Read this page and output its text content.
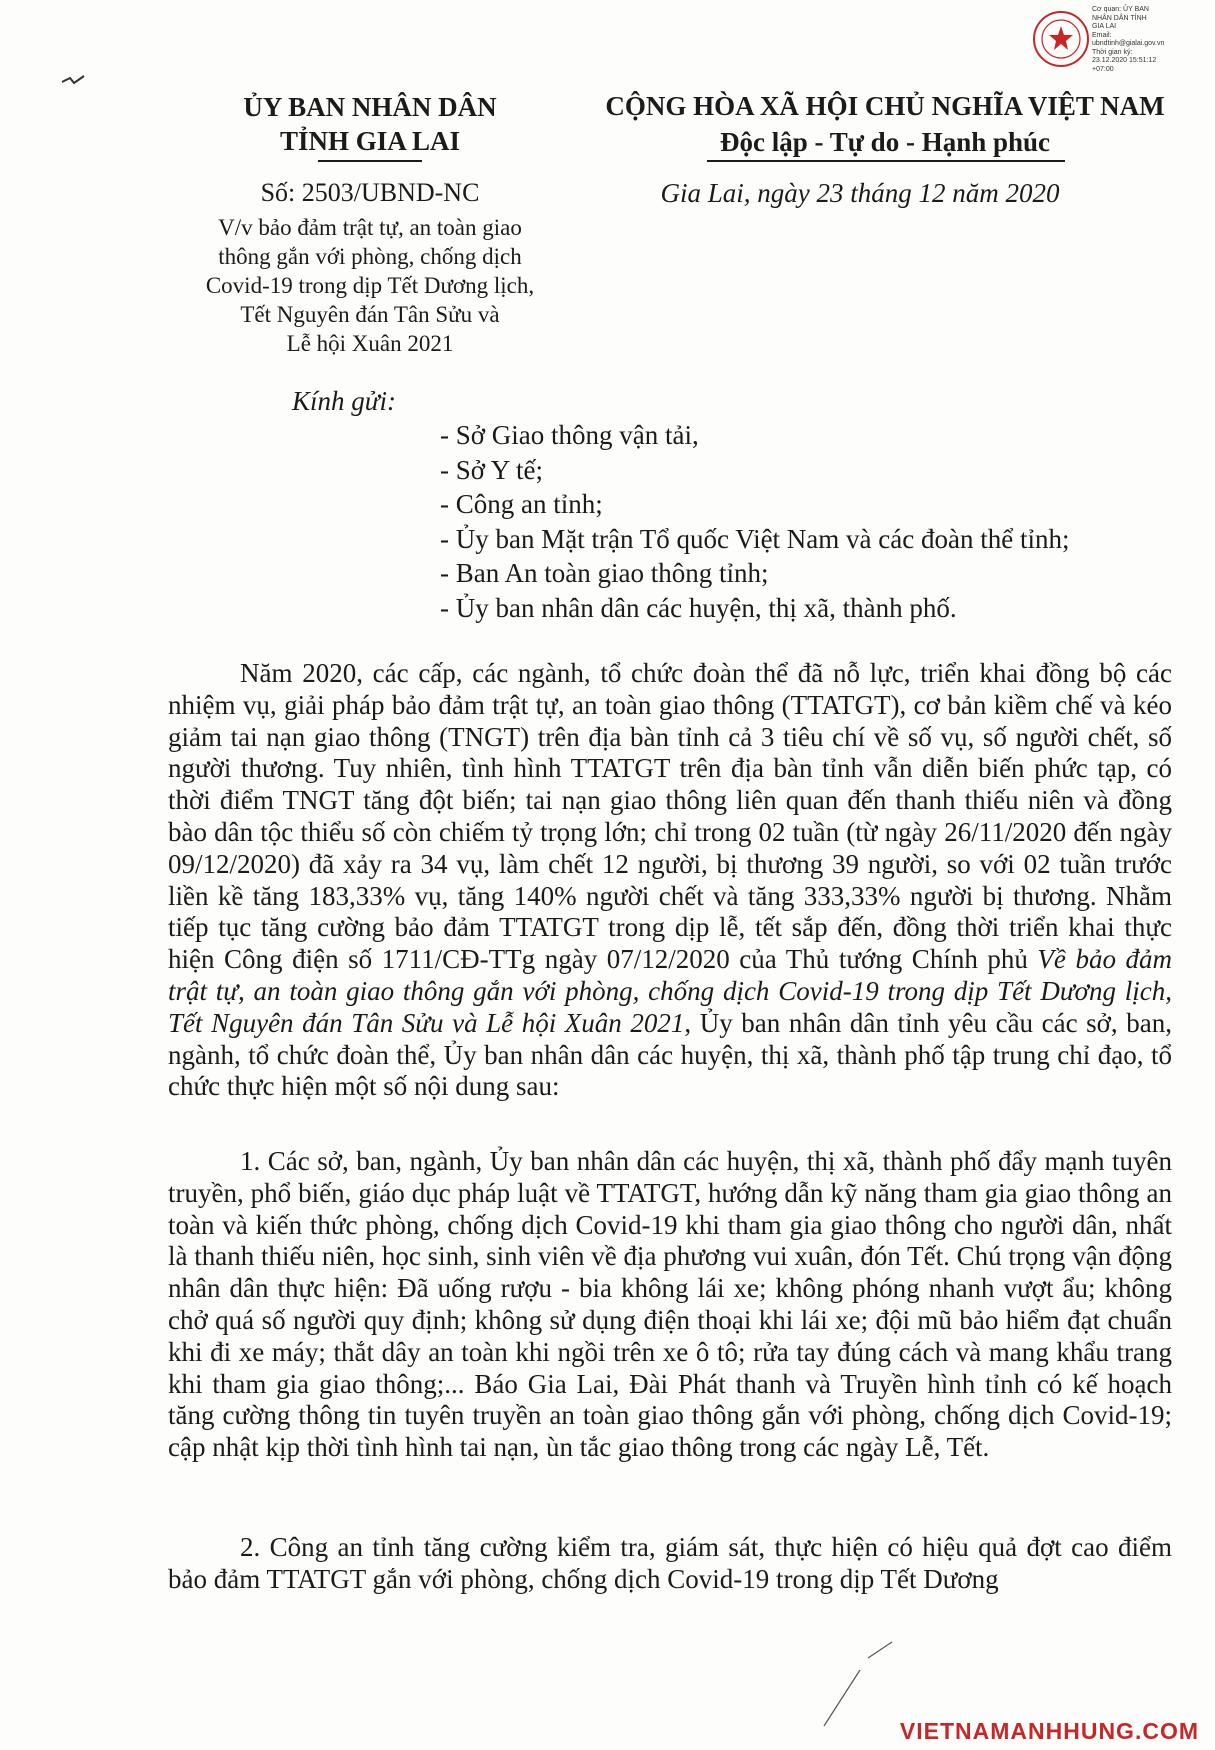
Cơ quan: ỦY BAN
NHÂN DÂN TỈNH
GIA LAI
Email:
ubndtinh@gialai.gov.vn
Thời gian ký:
23.12.2020 15:51:12
+07:00
ỦY BAN NHÂN DÂN
TỈNH GIA LAI
Số: 2503/UBND-NC
V/v bảo đảm trật tự, an toàn giao
thông gắn với phòng, chống dịch
Covid-19 trong dịp Tết Dương lịch,
Tết Nguyên đán Tân Sửu và
Lễ hội Xuân 2021
CỘNG HÒA XÃ HỘI CHỦ NGHĨA VIỆT NAM
Độc lập - Tự do - Hạnh phúc
Gia Lai, ngày 23 tháng 12 năm 2020
Kính gửi:
- Sở Giao thông vận tải,
- Sở Y tế;
- Công an tỉnh;
- Ủy ban Mặt trận Tổ quốc Việt Nam và các đoàn thể tỉnh;
- Ban An toàn giao thông tỉnh;
- Ủy ban nhân dân các huyện, thị xã, thành phố.

Năm 2020, các cấp, các ngành, tổ chức đoàn thể đã nỗ lực, triển khai đồng bộ các nhiệm vụ, giải pháp bảo đảm trật tự, an toàn giao thông (TTATGT), cơ bản kiềm chế và kéo giảm tai nạn giao thông (TNGT) trên địa bàn tỉnh cả 3 tiêu chí về số vụ, số người chết, số người thương. Tuy nhiên, tình hình TTATGT trên địa bàn tỉnh vẫn diễn biến phức tạp, có thời điểm TNGT tăng đột biến; tai nạn giao thông liên quan đến thanh thiếu niên và đồng bào dân tộc thiểu số còn chiếm tỷ trọng lớn; chỉ trong 02 tuần (từ ngày 26/11/2020 đến ngày 09/12/2020) đã xảy ra 34 vụ, làm chết 12 người, bị thương 39 người, so với 02 tuần trước liền kề tăng 183,33% vụ, tăng 140% người chết và tăng 333,33% người bị thương. Nhằm tiếp tục tăng cường bảo đảm TTATGT trong dịp lễ, tết sắp đến, đồng thời triển khai thực hiện Công điện số 1711/CĐ-TTg ngày 07/12/2020 của Thủ tướng Chính phủ Về bảo đảm trật tự, an toàn giao thông gắn với phòng, chống dịch Covid-19 trong dịp Tết Dương lịch, Tết Nguyên đán Tân Sửu và Lễ hội Xuân 2021, Ủy ban nhân dân tỉnh yêu cầu các sở, ban, ngành, tổ chức đoàn thể, Ủy ban nhân dân các huyện, thị xã, thành phố tập trung chỉ đạo, tổ chức thực hiện một số nội dung sau:

1. Các sở, ban, ngành, Ủy ban nhân dân các huyện, thị xã, thành phố đẩy mạnh tuyên truyền, phổ biến, giáo dục pháp luật về TTATGT, hướng dẫn kỹ năng tham gia giao thông an toàn và kiến thức phòng, chống dịch Covid-19 khi tham gia giao thông cho người dân, nhất là thanh thiếu niên, học sinh, sinh viên về địa phương vui xuân, đón Tết. Chú trọng vận động nhân dân thực hiện: Đã uống rượu - bia không lái xe; không phóng nhanh vượt ẩu; không chở quá số người quy định; không sử dụng điện thoại khi lái xe; đội mũ bảo hiểm đạt chuẩn khi đi xe máy; thắt dây an toàn khi ngồi trên xe ô tô; rửa tay đúng cách và mang khẩu trang khi tham gia giao thông;... Báo Gia Lai, Đài Phát thanh và Truyền hình tỉnh có kế hoạch tăng cường thông tin tuyên truyền an toàn giao thông gắn với phòng, chống dịch Covid-19; cập nhật kịp thời tình hình tai nạn, ùn tắc giao thông trong các ngày Lễ, Tết.

2. Công an tỉnh tăng cường kiểm tra, giám sát, thực hiện có hiệu quả đợt cao điểm bảo đảm TTATGT gắn với phòng, chống dịch Covid-19 trong dịp Tết Dương

VIETNAMANHHUNG.COM
